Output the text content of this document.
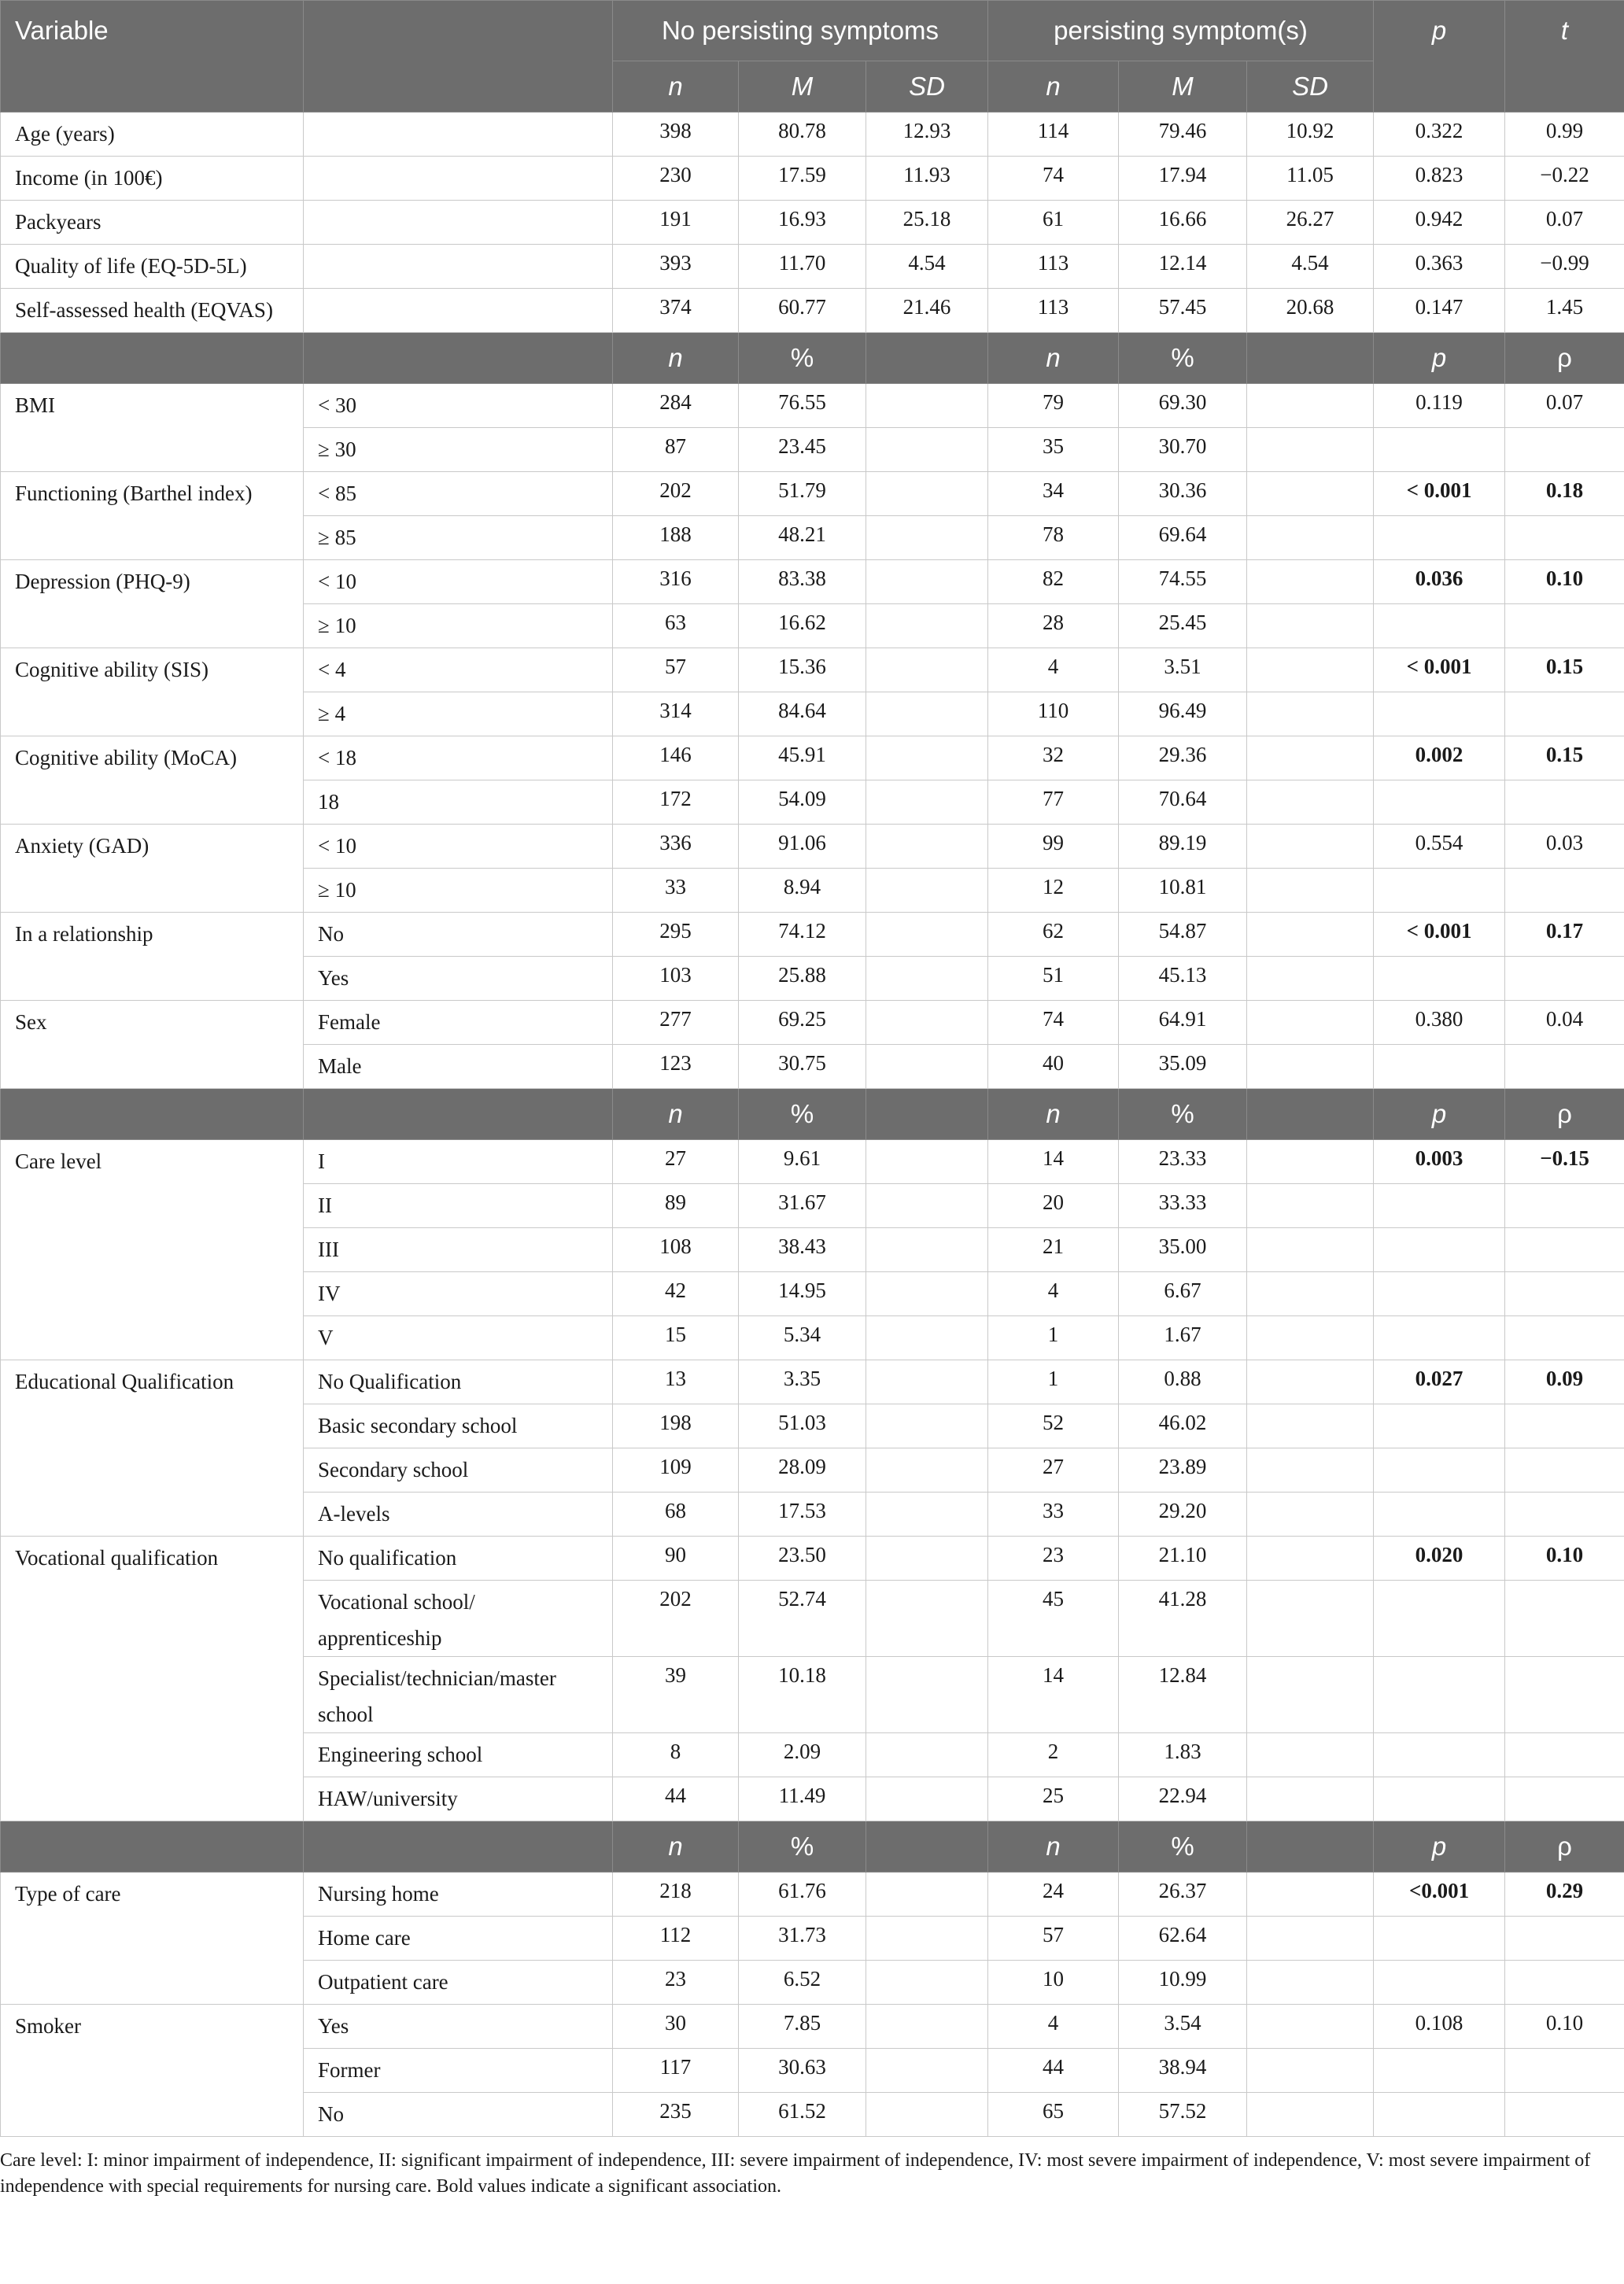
Variable		No persisting symptoms			persisting symptom(s)			p	t
		n	M	SD	n	M	SD		
Age (years)		398	80.78	12.93	114	79.46	10.92	0.322	0.99
Income (in 100€)		230	17.59	11.93	74	17.94	11.05	0.823	−0.22
Packyears		191	16.93	25.18	61	16.66	26.27	0.942	0.07
Quality of life (EQ-5D-5L)		393	11.70	4.54	113	12.14	4.54	0.363	−0.99
Self-assessed health (EQVAS)		374	60.77	21.46	113	57.45	20.68	0.147	1.45
		n	%		n	%		p	ρ
BMI	< 30	284	76.55		79	69.30		0.119	0.07
	≥ 30	87	23.45		35	30.70			
Functioning (Barthel index)	< 85	202	51.79		34	30.36		< 0.001	0.18
	≥ 85	188	48.21		78	69.64			
Depression (PHQ-9)	< 10	316	83.38		82	74.55		0.036	0.10
	≥ 10	63	16.62		28	25.45			
Cognitive ability (SIS)	< 4	57	15.36		4	3.51		< 0.001	0.15
	≥ 4	314	84.64		110	96.49			
Cognitive ability (MoCA)	< 18	146	45.91		32	29.36		0.002	0.15
	18	172	54.09		77	70.64			
Anxiety (GAD)	< 10	336	91.06		99	89.19		0.554	0.03
	≥ 10	33	8.94		12	10.81			
In a relationship	No	295	74.12		62	54.87		< 0.001	0.17
	Yes	103	25.88		51	45.13			
Sex	Female	277	69.25		74	64.91		0.380	0.04
	Male	123	30.75		40	35.09			
		n	%		n	%		p	ρ
Care level	I	27	9.61		14	23.33		0.003	−0.15
	II	89	31.67		20	33.33			
	III	108	38.43		21	35.00			
	IV	42	14.95		4	6.67			
	V	15	5.34		1	1.67			
Educational Qualification	No Qualification	13	3.35		1	0.88		0.027	0.09
	Basic secondary school	198	51.03		52	46.02			
	Secondary school	109	28.09		27	23.89			
	A-levels	68	17.53		33	29.20			
Vocational qualification	No qualification	90	23.50		23	21.10		0.020	0.10
	Vocational school/ apprenticeship	202	52.74		45	41.28			
	Specialist/technician/master school	39	10.18		14	12.84			
	Engineering school	8	2.09		2	1.83			
	HAW/university	44	11.49		25	22.94			
		n	%		n	%		p	ρ
Type of care	Nursing home	218	61.76		24	26.37		<0.001	0.29
	Home care	112	31.73		57	62.64			
	Outpatient care	23	6.52		10	10.99			
Smoker	Yes	30	7.85		4	3.54		0.108	0.10
	Former	117	30.63		44	38.94			
	No	235	61.52		65	57.52			
Care level: I: minor impairment of independence, II: significant impairment of independence, III: severe impairment of independence, IV: most severe impairment of independence, V: most severe impairment of independence with special requirements for nursing care. Bold values indicate a significant association.
